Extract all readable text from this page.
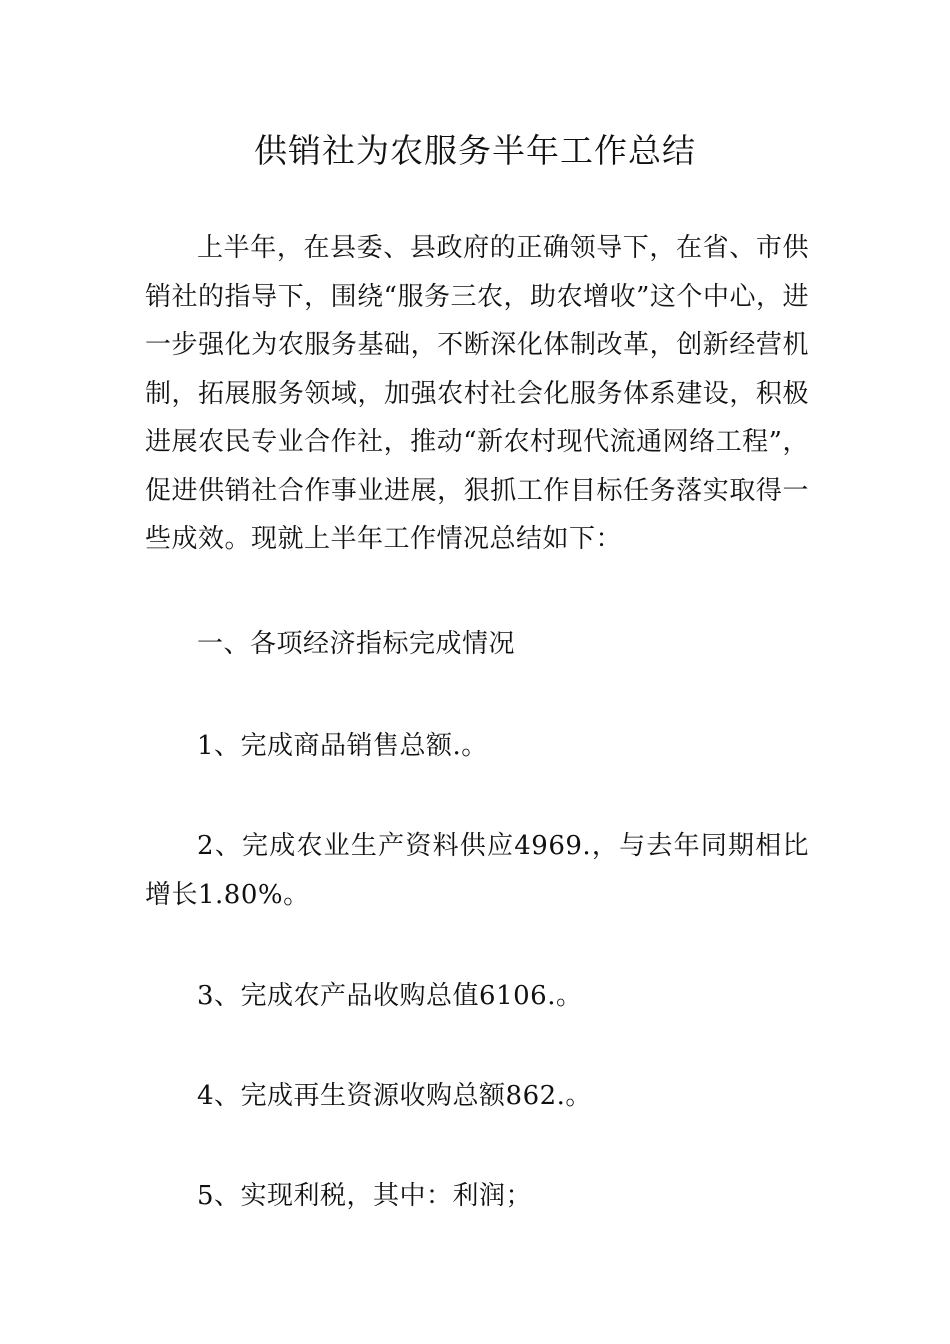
供销社为农服务半年工作总结

上半年，在县委、县政府的正确领导下，在省、市供销社的指导下，围绕“服务三农，助农增收”这个中心，进一步强化为农服务基础，不断深化体制改革，创新经营机制，拓展服务领域，加强农村社会化服务体系建设，积极进展农民专业合作社，推动“新农村现代流通网络工程”，促进供销社合作事业进展，狠抓工作目标任务落实取得一些成效。现就上半年工作情况总结如下：

一、各项经济指标完成情况

1、完成商品销售总额.。

2、完成农业生产资料供应4969.，与去年同期相比增长1.80%。

3、完成农产品收购总值6106.。

4、完成再生资源收购总额862.。

5、实现利税，其中：利润；
